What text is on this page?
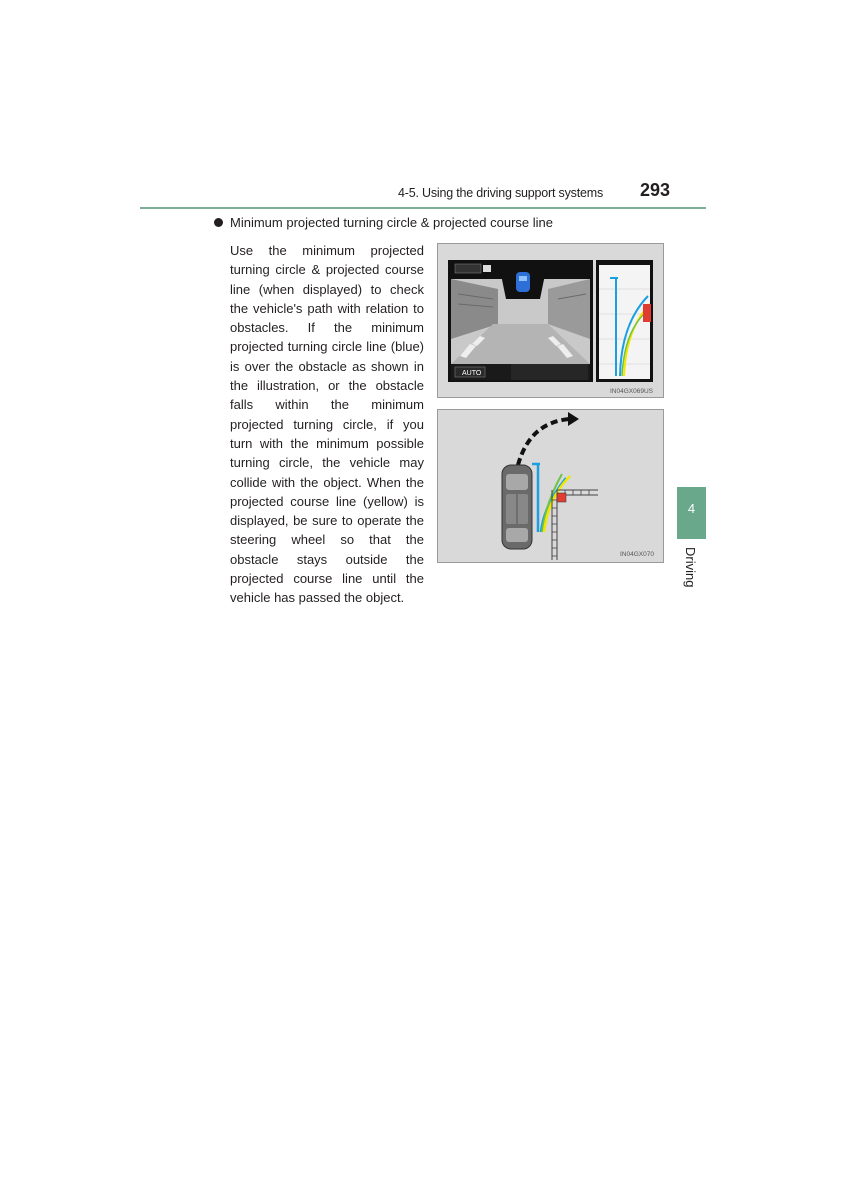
4-5. Using the driving support systems 293
Minimum projected turning circle & projected course line
Use the minimum projected turning circle & projected course line (when displayed) to check the vehicle's path with relation to obstacles. If the minimum projected turning circle line (blue) is over the obstacle as shown in the illustration, or the obstacle falls within the minimum projected turning circle, if you turn with the minimum possible turning circle, the vehicle may collide with the object. When the projected course line (yellow) is displayed, be sure to operate the steering wheel so that the obstacle stays outside the projected course line until the vehicle has passed the object.
AUTO
IN04GX069US
IN04GX070
4
Driving
